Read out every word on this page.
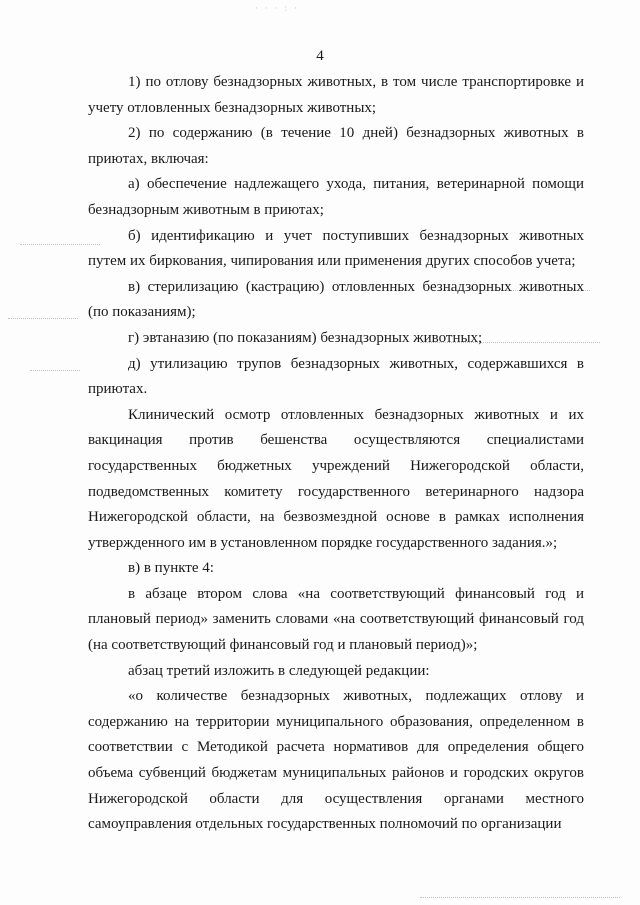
· · · : ·
4

1) по отлову безнадзорных животных, в том числе транспортировке и учету отловленных безнадзорных животных;

2) по содержанию (в течение 10 дней) безнадзорных животных в приютах, включая:

а) обеспечение надлежащего ухода, питания, ветеринарной помощи безнадзорным животным в приютах;

б) идентификацию и учет поступивших безнадзорных животных путем их биркования, чипирования или применения других способов учета;

в) стерилизацию (кастрацию) отловленных безнадзорных животных (по показаниям);

г) эвтаназию (по показаниям) безнадзорных животных;

д) утилизацию трупов безнадзорных животных, содержавшихся в приютах.

Клинический осмотр отловленных безнадзорных животных и их вакцинация против бешенства осуществляются специалистами государственных бюджетных учреждений Нижегородской области, подведомственных комитету государственного ветеринарного надзора Нижегородской области, на безвозмездной основе в рамках исполнения утвержденного им в установленном порядке государственного задания.»;

в) в пункте 4:

в абзаце втором слова «на соответствующий финансовый год и плановый период» заменить словами «на соответствующий финансовый год (на соответствующий финансовый год и плановый период)»;

абзац третий изложить в следующей редакции:

«о количестве безнадзорных животных, подлежащих отлову и содержанию на территории муниципального образования, определенном в соответствии с Методикой расчета нормативов для определения общего объема субвенций бюджетам муниципальных районов и городских округов Нижегородской области для осуществления органами местного самоуправления отдельных государственных полномочий по организации
